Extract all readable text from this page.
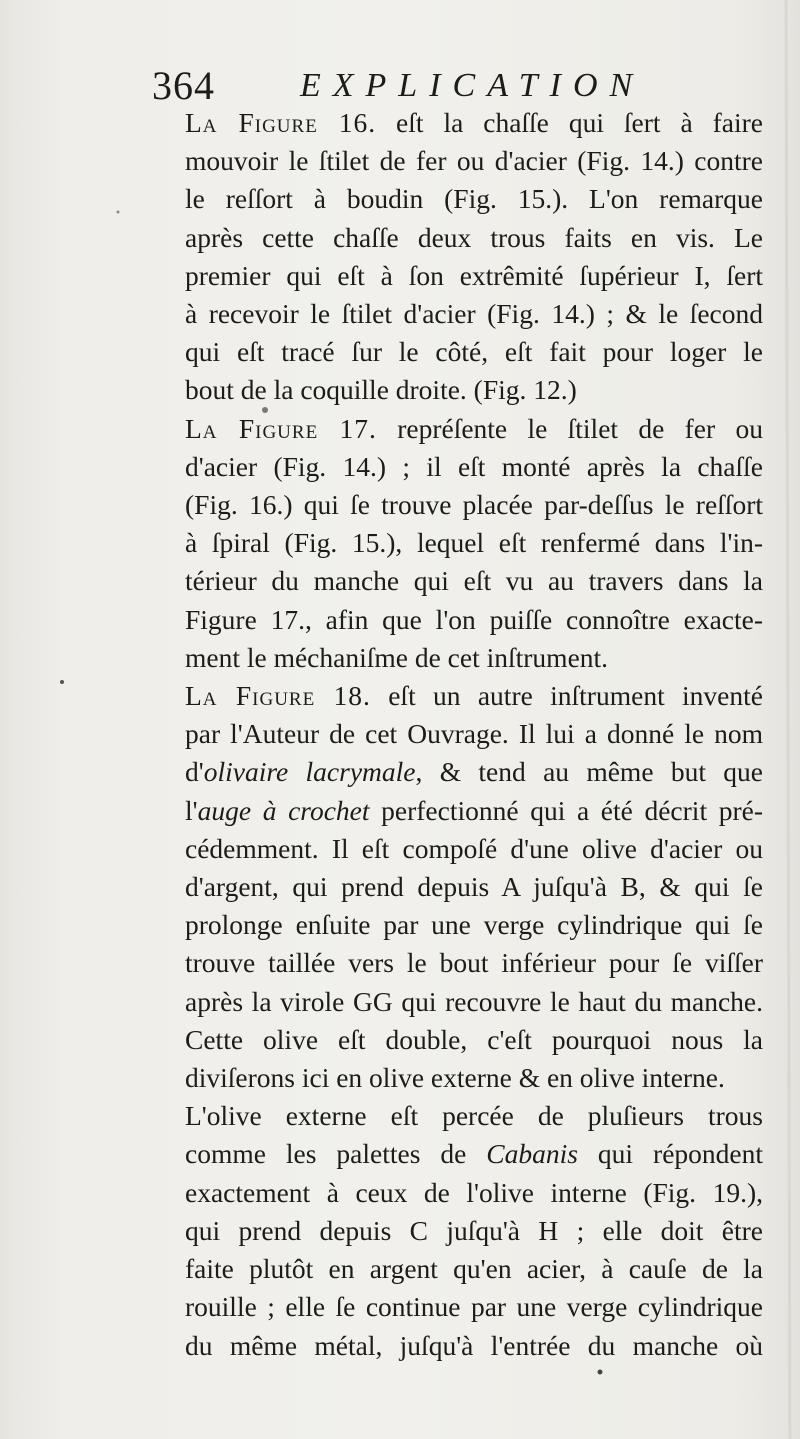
364	EXPLICATION
La Figure 16. eſt la chaſſe qui ſert à faire
mouvoir le ſtilet de fer ou d'acier (Fig. 14.) contre
le reſſort à boudin (Fig. 15.). L'on remarque
après cette chaſſe deux trous faits en vis. Le
premier qui eſt à ſon extrêmité ſupérieur I, ſert
à recevoir le ſtilet d'acier (Fig. 14.) ; & le ſecond
qui eſt tracé ſur le côté, eſt fait pour loger le
bout de la coquille droite. (Fig. 12.)
La Figure 17. repréſente le ſtilet de fer ou
d'acier (Fig. 14.) ; il eſt monté après la chaſſe
(Fig. 16.) qui ſe trouve placée par-deſſus le reſſort
à ſpiral (Fig. 15.), lequel eſt renfermé dans l'in-
térieur du manche qui eſt vu au travers dans la
Figure 17., afin que l'on puiſſe connoître exacte-
ment le méchaniſme de cet inſtrument.
La Figure 18. eſt un autre inſtrument inventé
par l'Auteur de cet Ouvrage. Il lui a donné le nom
d'olivaire lacrymale, & tend au même but que
l'auge à crochet perfectionné qui a été décrit pré-
cédemment. Il eſt compoſé d'une olive d'acier ou
d'argent, qui prend depuis A juſqu'à B, & qui ſe
prolonge enſuite par une verge cylindrique qui ſe
trouve taillée vers le bout inférieur pour ſe viſſer
après la virole GG qui recouvre le haut du manche.
Cette olive eſt double, c'eſt pourquoi nous la
diviſerons ici en olive externe & en olive interne.
L'olive externe eſt percée de pluſieurs trous
comme les palettes de Cabanis qui répondent
exactement à ceux de l'olive interne (Fig. 19.),
qui prend depuis C juſqu'à H ; elle doit être
faite plutôt en argent qu'en acier, à cauſe de la
rouille ; elle ſe continue par une verge cylindrique
du même métal, juſqu'à l'entrée du manche où
